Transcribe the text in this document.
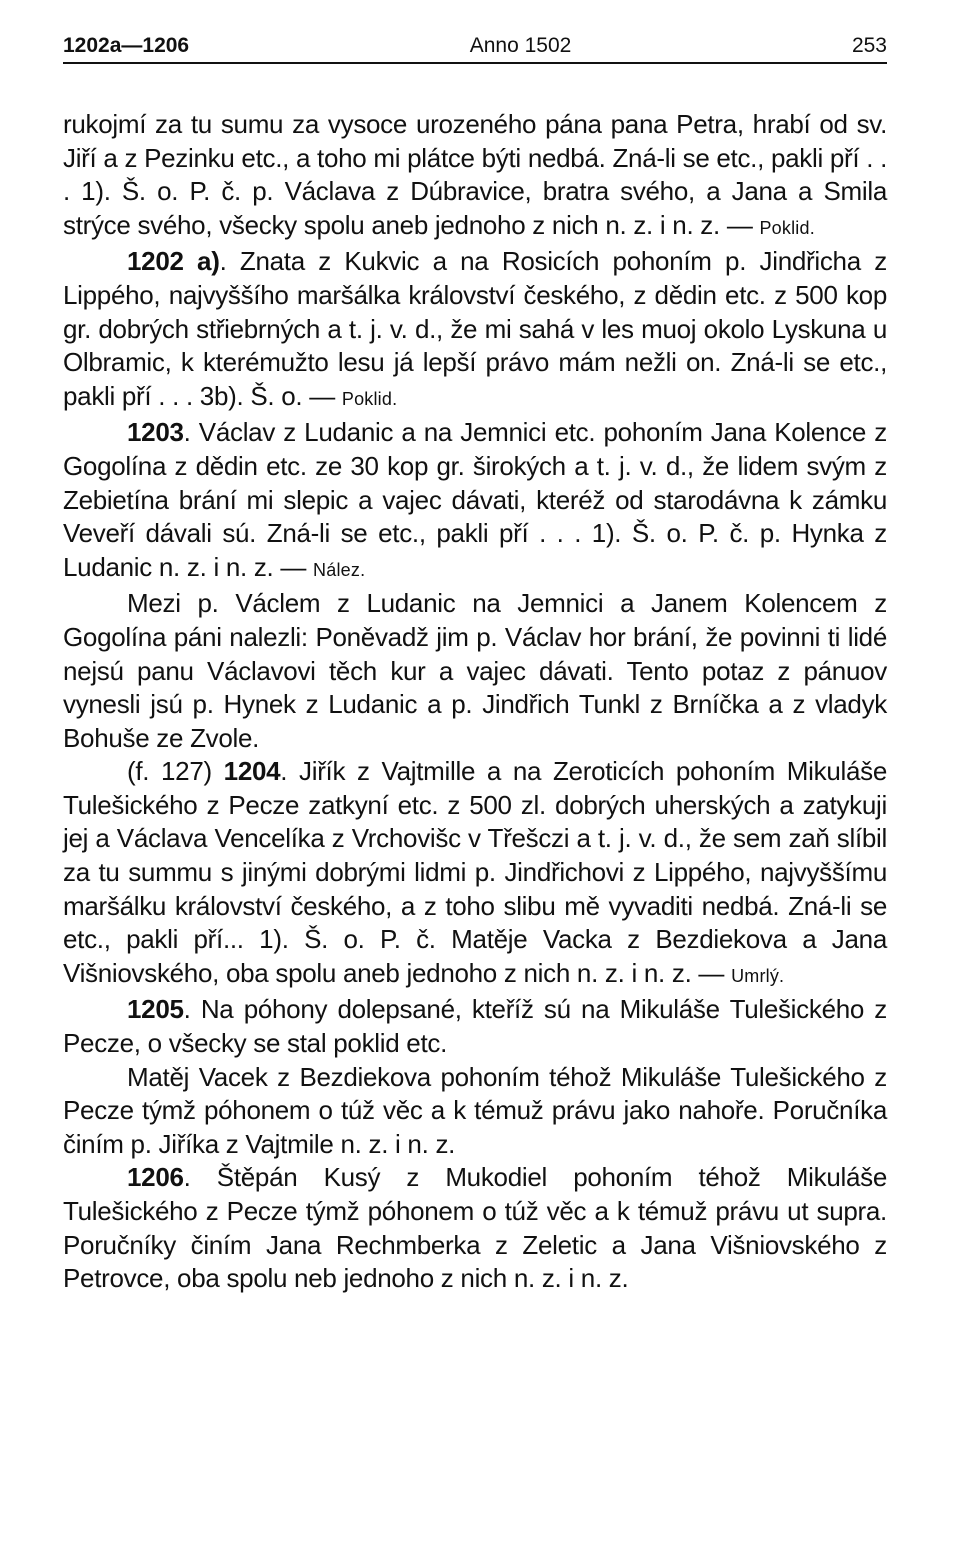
1202a—1206	Anno 1502	253

rukojmí za tu sumu za vysoce urozeného pána pana Petra, hrabí od sv. Jiří a z Pezinku etc., a toho mi plátce býti nedbá. Zná-li se etc., pakli pří . . . 1). Š. o. P. č. p. Václava z Dúbravice, bratra svého, a Jana a Smila strýce svého, všecky spolu aneb jednoho z nich n. z. i n. z. — Poklid.

1202 a). Znata z Kukvic a na Rosicích pohoním p. Jindřicha z Lippého, najvyššího maršálka království českého, z dědin etc. z 500 kop gr. dobrých střiebrných a t. j. v. d., že mi sahá v les muoj okolo Lyskuna u Olbramic, k kterémužto lesu já lepší právo mám nežli on. Zná-li se etc., pakli pří . . . 3b). Š. o. — Poklid.

1203. Václav z Ludanic a na Jemnici etc. pohoním Jana Kolence z Gogolína z dědin etc. ze 30 kop gr. širokých a t. j. v. d., že lidem svým z Zebietína brání mi slepic a vajec dávati, kteréž od starodávna k zámku Veveří dávali sú. Zná-li se etc., pakli pří . . . 1). Š. o. P. č. p. Hynka z Ludanic n. z. i n. z. — Nález.

Mezi p. Václem z Ludanic na Jemnici a Janem Kolencem z Gogolína páni nalezli: Poněvadž jim p. Václav hor brání, že povinni ti lidé nejsú panu Václavovi těch kur a vajec dávati. Tento potaz z pánuov vynesli jsú p. Hynek z Ludanic a p. Jindřich Tunkl z Brníčka a z vladyk Bohuše ze Zvole.

(f. 127) 1204. Jiřík z Vajtmille a na Zeroticích pohoním Mikuláše Tulešického z Pecze zatkyní etc. z 500 zl. dobrých uherských a zatykuji jej a Václava Vencelíka z Vrchovišc v Třešczi a t. j. v. d., že sem zaň slíbil za tu summu s jinými dobrými lidmi p. Jindřichovi z Lippého, najvyššímu maršálku království českého, a z toho slibu mě vyvaditi nedbá. Zná-li se etc., pakli pří... 1). Š. o. P. č. Matěje Vacka z Bezdiekova a Jana Višniovského, oba spolu aneb jednoho z nich n. z. i n. z. — Umrlý.

1205. Na póhony dolepsané, kteříž sú na Mikuláše Tulešického z Pecze, o všecky se stal poklid etc.

Matěj Vacek z Bezdiekova pohoním téhož Mikuláše Tulešického z Pecze týmž póhonem o túž věc a k témuž právu jako nahoře. Poručníka činím p. Jiříka z Vajtmile n. z. i n. z.

1206. Štěpán Kusý z Mukodiel pohoním téhož Mikuláše Tulešického z Pecze týmž póhonem o túž věc a k témuž právu ut supra. Poručníky činím Jana Rechmberka z Zeletic a Jana Višniovského z Petrovce, oba spolu neb jednoho z nich n. z. i n. z.
